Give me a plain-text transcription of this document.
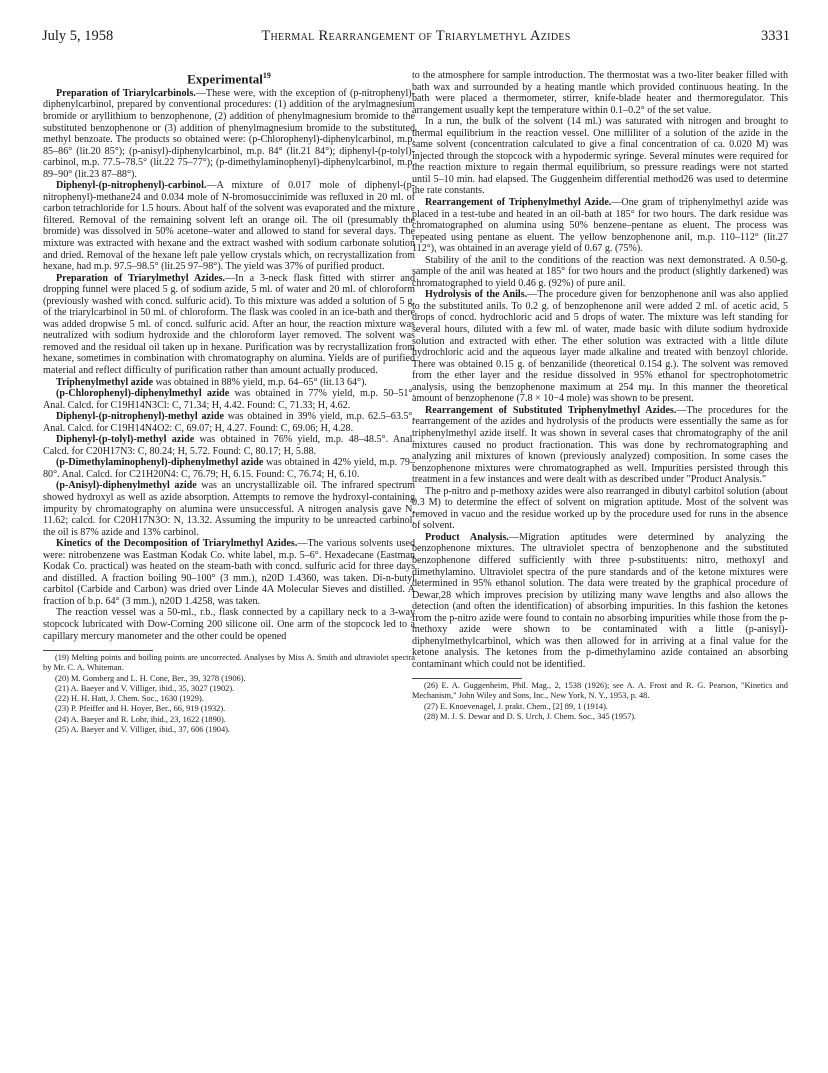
July 5, 1958	Thermal Rearrangement of Triarylmethyl Azides	3331
Experimental$^{19}$

Preparation of Triarylcarbinols.—These were, with the exception of (p-nitrophenyl)-diphenylcarbinol, prepared by conventional procedures: (1) addition of the arylmagnesium bromide or aryllithium to benzophenone, (2) addition of phenylmagnesium bromide to the substituted benzophenone or (3) addition of phenylmagnesium bromide to the substituted methyl benzoate. The products so obtained were: (p-Chlorophenyl)-diphenylcarbinol, m.p. 85–86° (lit.20 85°); (p-anisyl)-diphenylcarbinol, m.p. 84° (lit.21 84°); diphenyl-(p-tolyl)-carbinol, m.p. 77.5–78.5° (lit.22 75–77°); (p-dimethylaminophenyl)-diphenylcarbinol, m.p. 89–90° (lit.23 87–88°).

Diphenyl-(p-nitrophenyl)-carbinol.—A mixture of 0.017 mole of diphenyl-(p-nitrophenyl)-methane24 and 0.034 mole of N-bromosuccinimide was refluxed in 20 ml. of carbon tetrachloride for 1.5 hours. About half of the solvent was evaporated and the mixture filtered. Removal of the remaining solvent left an orange oil. The oil (presumably the bromide) was dissolved in 50% acetone–water and allowed to stand for several days. The mixture was extracted with hexane and the extract washed with sodium carbonate solution and dried. Removal of the hexane left pale yellow crystals which, on recrystallization from hexane, had m.p. 97.5–98.5° (lit.25 97–98°). The yield was 37% of purified product.

Preparation of Triarylmethyl Azides.—In a 3-neck flask fitted with stirrer and dropping funnel were placed 5 g. of sodium azide, 5 ml. of water and 20 ml. of chloroform (previously washed with concd. sulfuric acid). To this mixture was added a solution of 5 g. of the triarylcarbinol in 50 ml. of chloroform. The flask was cooled in an ice-bath and there was added dropwise 5 ml. of concd. sulfuric acid. After an hour, the reaction mixture was neutralized with sodium hydroxide and the chloroform layer removed. The solvent was removed and the residual oil taken up in hexane. Purification was by recrystallization from hexane, sometimes in combination with chromatography on alumina. Yields are of purified material and reflect difficulty of purification rather than amount actually produced.

Triphenylmethyl azide was obtained in 88% yield, m.p. 64–65° (lit.13 64°).

(p-Chlorophenyl)-diphenylmethyl azide was obtained in 77% yield, m.p. 50–51°. Anal. Calcd. for C19H14N3Cl: C, 71.34; H, 4.42. Found: C, 71.33; H, 4.62.

Diphenyl-(p-nitrophenyl)-methyl azide was obtained in 39% yield, m.p. 62.5–63.5°. Anal. Calcd. for C19H14N4O2: C, 69.07; H, 4.27. Found: C, 69.06; H, 4.28.

Diphenyl-(p-tolyl)-methyl azide was obtained in 76% yield, m.p. 48–48.5°. Anal. Calcd. for C20H17N3: C, 80.24; H, 5.72. Found: C, 80.17; H, 5.88.

(p-Dimethylaminophenyl)-diphenylmethyl azide was obtained in 42% yield, m.p. 79–80°. Anal. Calcd. for C21H20N4: C, 76.79; H, 6.15. Found: C, 76.74; H, 6.10.

(p-Anisyl)-diphenylmethyl azide was an uncrystallizable oil. The infrared spectrum showed hydroxyl as well as azide absorption. Attempts to remove the hydroxyl-containing impurity by chromatography on alumina were unsuccessful. A nitrogen analysis gave N, 11.62; calcd. for C20H17N3O: N, 13.32. Assuming the impurity to be unreacted carbinol, the oil is 87% azide and 13% carbinol.

Kinetics of the Decomposition of Triarylmethyl Azides.—The various solvents used were: nitrobenzene was Eastman Kodak Co. white label, m.p. 5–6°. Hexadecane (Eastman Kodak Co. practical) was heated on the steam-bath with concd. sulfuric acid for three days and distilled. A fraction boiling 90–100° (3 mm.), n20D 1.4360, was taken. Di-n-butyl carbitol (Carbide and Carbon) was dried over Linde 4A Molecular Sieves and distilled. A fraction of b.p. 64° (3 mm.), n20D 1.4258, was taken.

The reaction vessel was a 50-ml., r.b., flask connected by a capillary neck to a 3-way stopcock lubricated with Dow-Corning 200 silicone oil. One arm of the stopcock led to a capillary mercury manometer and the other could be opened

(19) Melting points and boiling points are uncorrected. Analyses by Miss A. Smith and ultraviolet spectra by Mr. C. A. Whiteman.

(20) M. Gomberg and L. H. Cone, Ber., 39, 3278 (1906).

(21) A. Baeyer and V. Villiger, ibid., 35, 3027 (1902).

(22) H. H. Hatt, J. Chem. Soc., 1630 (1929).

(23) P. Pfeiffer and H. Hoyer, Ber., 66, 919 (1932).

(24) A. Baeyer and R. Lohr, ibid., 23, 1622 (1890).

(25) A. Baeyer and V. Villiger, ibid., 37, 606 (1904).

to the atmosphere for sample introduction. The thermostat was a two-liter beaker filled with bath wax and surrounded by a heating mantle which provided continuous heating. In the bath were placed a thermometer, stirrer, knife-blade heater and thermoregulator. This arrangement usually kept the temperature within 0.1–0.2° of the set value.

In a run, the bulk of the solvent (14 ml.) was saturated with nitrogen and brought to thermal equilibrium in the reaction vessel. One milliliter of a solution of the azide in the same solvent (concentration calculated to give a final concentration of ca. 0.020 M) was injected through the stopcock with a hypodermic syringe. Several minutes were required for the reaction mixture to regain thermal equilibrium, so pressure readings were not started until 5–10 min. had elapsed. The Guggenheim differential method26 was used to determine the rate constants.

Rearrangement of Triphenylmethyl Azide.—One gram of triphenylmethyl azide was placed in a test-tube and heated in an oil-bath at 185° for two hours. The dark residue was chromatographed on alumina using 50% benzene–pentane as eluent. The process was repeated using pentane as eluent. The yellow benzophenone anil, m.p. 110–112° (lit.27 112°), was obtained in an average yield of 0.67 g. (75%).

Stability of the anil to the conditions of the reaction was next demonstrated. A 0.50-g. sample of the anil was heated at 185° for two hours and the product (slightly darkened) was chromatographed to yield 0.46 g. (92%) of pure anil.

Hydrolysis of the Anils.—The procedure given for benzophenone anil was also applied to the substituted anils. To 0.2 g. of benzophenone anil were added 2 ml. of acetic acid, 5 drops of concd. hydrochloric acid and 5 drops of water. The mixture was left standing for several hours, diluted with a few ml. of water, made basic with dilute sodium hydroxide solution and extracted with ether. The ether solution was extracted with a little dilute hydrochloric acid and the aqueous layer made alkaline and treated with benzoyl chloride. There was obtained 0.15 g. of benzanilide (theoretical 0.154 g.). The solvent was removed from the ether layer and the residue dissolved in 95% ethanol for spectrophotometric analysis, using the benzophenone maximum at 254 mμ. In this manner the theoretical amount of benzophenone (7.8 × 10−4 mole) was shown to be present.

Rearrangement of Substituted Triphenylmethyl Azides.—The procedures for the rearrangement of the azides and hydrolysis of the products were essentially the same as for triphenylmethyl azide itself. It was shown in several cases that chromatography of the anil mixtures caused no product fractionation. This was done by rechromatographing and analyzing anil mixtures of known (previously analyzed) composition. In some cases the benzophenone mixtures were chromatographed as well. Impurities persisted through this treatment in a few instances and were dealt with as described under "Product Analysis."

The p-nitro and p-methoxy azides were also rearranged in dibutyl carbitol solution (about 0.3 M) to determine the effect of solvent on migration aptitude. Most of the solvent was removed in vacuo and the residue worked up by the procedure used for runs in the absence of solvent.

Product Analysis.—Migration aptitudes were determined by analyzing the benzophenone mixtures. The ultraviolet spectra of benzophenone and the substituted benzophenone differed sufficiently with three p-substituents: nitro, methoxyl and dimethylamino. Ultraviolet spectra of the pure standards and of the ketone mixtures were determined in 95% ethanol solution. The data were treated by the graphical procedure of Dewar,28 which improves precision by utilizing many wave lengths and also allows the detection (and often the identification) of absorbing impurities. In this fashion the ketones from the p-nitro azide were found to contain no absorbing impurities while those from the p-methoxy azide were shown to be contaminated with a little (p-anisyl)-diphenylmethylcarbinol, which was then allowed for in arriving at a final value for the ketone analysis. The ketones from the p-dimethylamino azide contained an absorbing contaminant which could not be identified.

(26) E. A. Guggenheim, Phil. Mag., 2, 1538 (1926); see A. A. Frost and R. G. Pearson, "Kinetics and Mechanism," John Wiley and Sons, Inc., New York, N. Y., 1953, p. 48.

(27) E. Knoevenagel, J. prakt. Chem., [2] 89, 1 (1914).

(28) M. J. S. Dewar and D. S. Urch, J. Chem. Soc., 345 (1957).
